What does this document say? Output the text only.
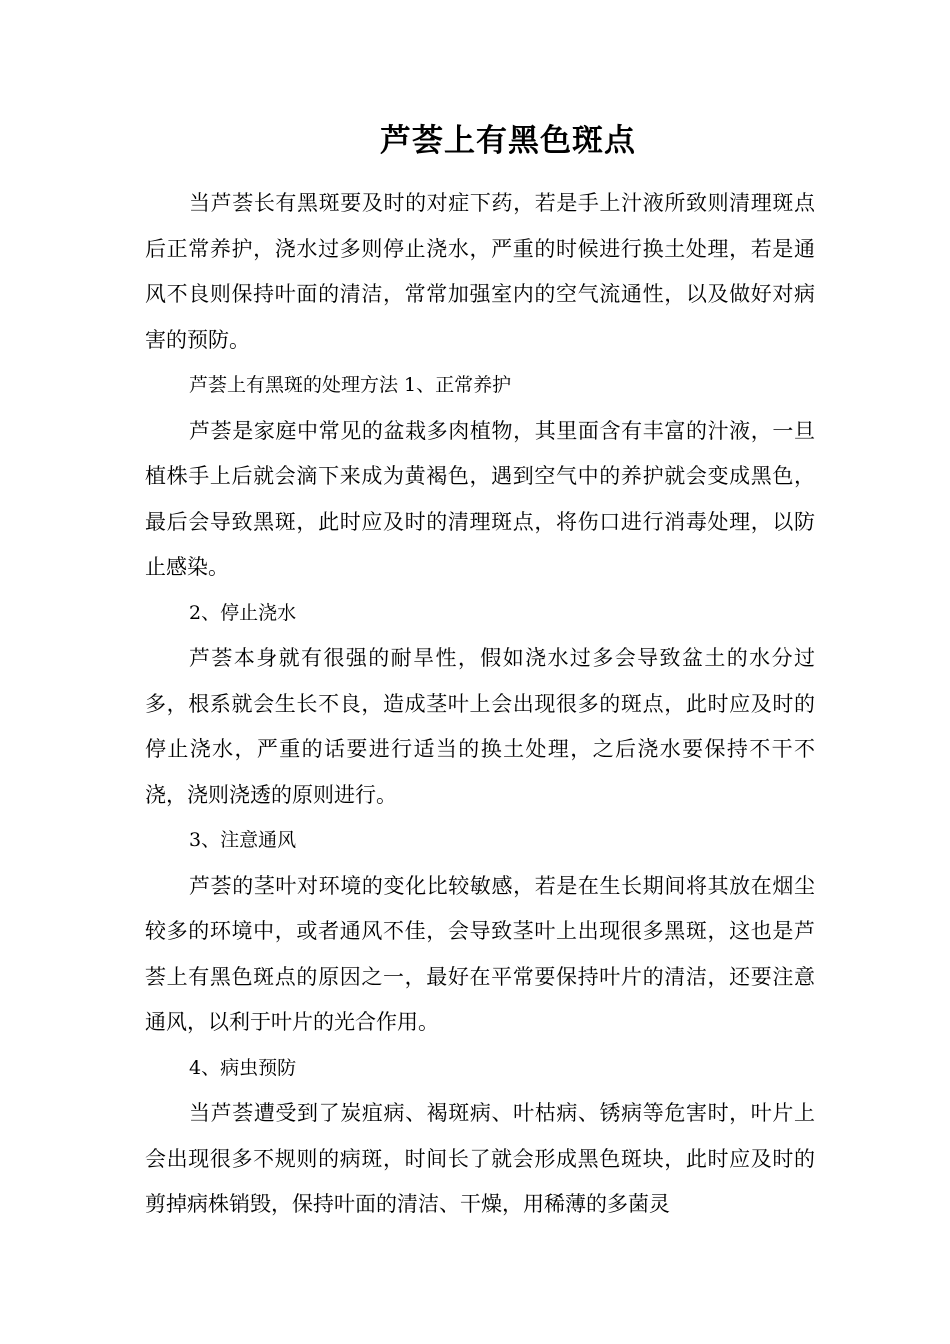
芦荟上有黑色斑点

当芦荟长有黑斑要及时的对症下药，若是手上汁液所致则清理斑点后正常养护，浇水过多则停止浇水，严重的时候进行换土处理，若是通风不良则保持叶面的清洁，常常加强室内的空气流通性，以及做好对病害的预防。

芦荟上有黑斑的处理方法 1、正常养护

芦荟是家庭中常见的盆栽多肉植物，其里面含有丰富的汁液，一旦植株手上后就会滴下来成为黄褐色，遇到空气中的养护就会变成黑色，最后会导致黑斑，此时应及时的清理斑点，将伤口进行消毒处理，以防止感染。

2、停止浇水

芦荟本身就有很强的耐旱性，假如浇水过多会导致盆土的水分过多，根系就会生长不良，造成茎叶上会出现很多的斑点，此时应及时的停止浇水，严重的话要进行适当的换土处理，之后浇水要保持不干不浇，浇则浇透的原则进行。

3、注意通风

芦荟的茎叶对环境的变化比较敏感，若是在生长期间将其放在烟尘较多的环境中，或者通风不佳，会导致茎叶上出现很多黑斑，这也是芦荟上有黑色斑点的原因之一，最好在平常要保持叶片的清洁，还要注意通风，以利于叶片的光合作用。

4、病虫预防

当芦荟遭受到了炭疽病、褐斑病、叶枯病、锈病等危害时，叶片上会出现很多不规则的病斑，时间长了就会形成黑色斑块，此时应及时的剪掉病株销毁，保持叶面的清洁、干燥，用稀薄的多菌灵
